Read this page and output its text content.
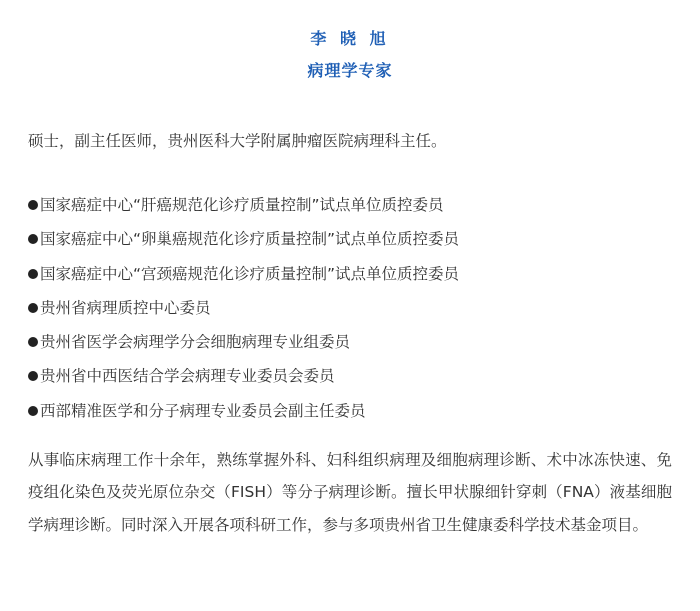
李 晓 旭
病理学专家
硕士，副主任医师，贵州医科大学附属肿瘤医院病理科主任。
国家癌症中心“肝癌规范化诊疗质量控制”试点单位质控委员
国家癌症中心“卵巢癌规范化诊疗质量控制”试点单位质控委员
国家癌症中心“宫颈癌规范化诊疗质量控制”试点单位质控委员
贵州省病理质控中心委员
贵州省医学会病理学分会细胞病理专业组委员
贵州省中西医结合学会病理专业委员会委员
西部精准医学和分子病理专业委员会副主任委员
从事临床病理工作十余年，熟练掌握外科、妇科组织病理及细胞病理诊断、术中冰冻快速、免疫组化染色及荧光原位杂交（FISH）等分子病理诊断。擅长甲状腺细针穿刺（FNA）液基细胞学病理诊断。同时深入开展各项科研工作，参与多项贵州省卫生健康委科学技术基金项目。
